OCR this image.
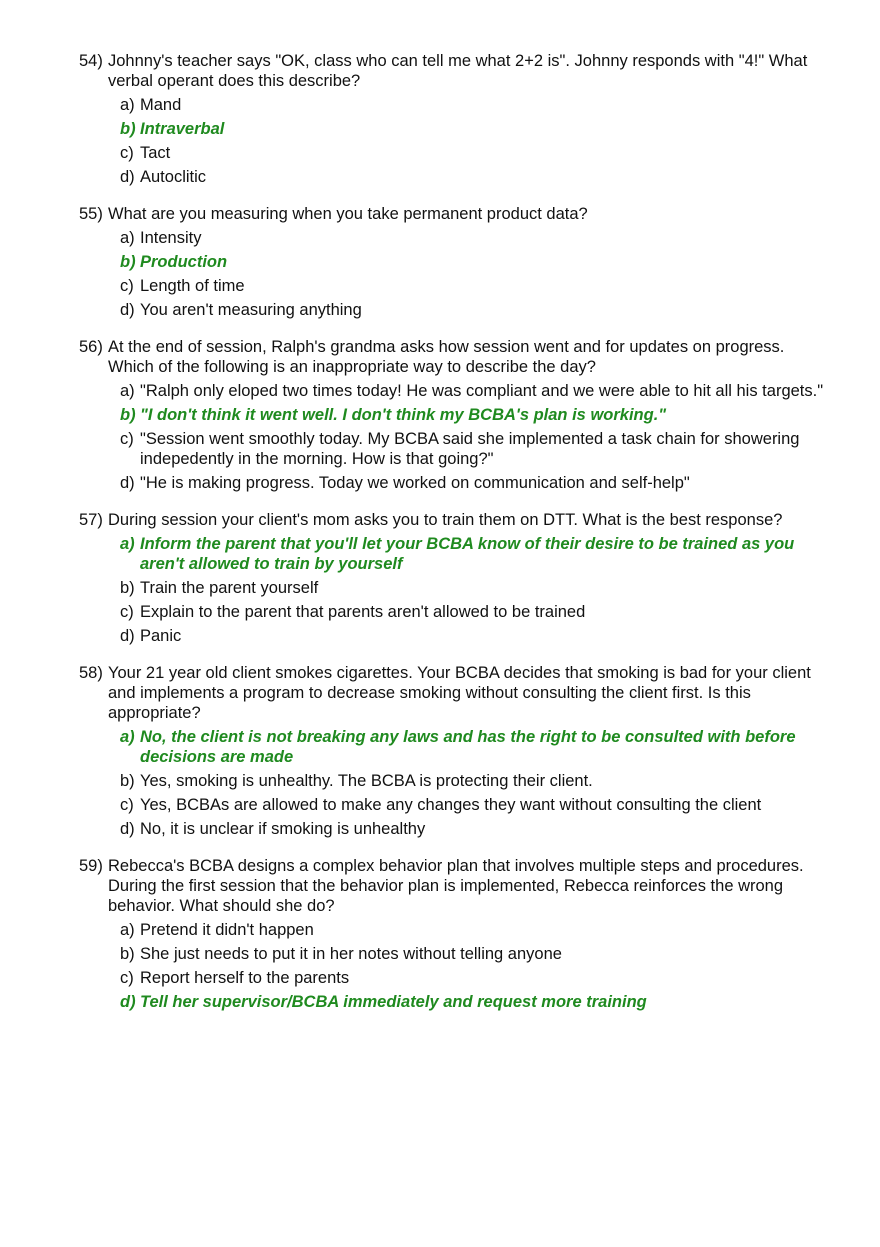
54) Johnny's teacher says "OK, class who can tell me what 2+2 is". Johnny responds with "4!" What verbal operant does this describe?
a) Mand
b) Intraverbal
c) Tact
d) Autoclitic
55) What are you measuring when you take permanent product data?
a) Intensity
b) Production
c) Length of time
d) You aren't measuring anything
56) At the end of session, Ralph's grandma asks how session went and for updates on progress. Which of the following is an inappropriate way to describe the day?
a) "Ralph only eloped two times today! He was compliant and we were able to hit all his targets."
b) "I don't think it went well. I don't think my BCBA's plan is working."
c) "Session went smoothly today. My BCBA said she implemented a task chain for showering indepedently in the morning. How is that going?"
d) "He is making progress. Today we worked on communication and self-help"
57) During session your client's mom asks you to train them on DTT. What is the best response?
a) Inform the parent that you'll let your BCBA know of their desire to be trained as you aren't allowed to train by yourself
b) Train the parent yourself
c) Explain to the parent that parents aren't allowed to be trained
d) Panic
58) Your 21 year old client smokes cigarettes. Your BCBA decides that smoking is bad for your client and implements a program to decrease smoking without consulting the client first. Is this appropriate?
a) No, the client is not breaking any laws and has the right to be consulted with before decisions are made
b) Yes, smoking is unhealthy. The BCBA is protecting their client.
c) Yes, BCBAs are allowed to make any changes they want without consulting the client
d) No, it is unclear if smoking is unhealthy
59) Rebecca's BCBA designs a complex behavior plan that involves multiple steps and procedures. During the first session that the behavior plan is implemented, Rebecca reinforces the wrong behavior. What should she do?
a) Pretend it didn't happen
b) She just needs to put it in her notes without telling anyone
c) Report herself to the parents
d) Tell her supervisor/BCBA immediately and request more training
